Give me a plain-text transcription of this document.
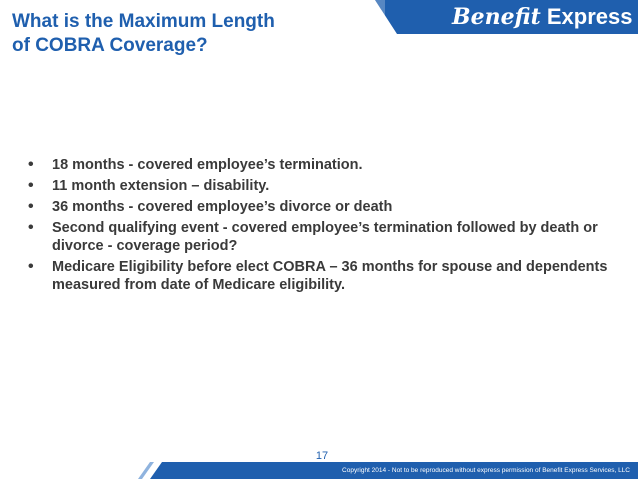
Benefit Express
What is the Maximum Length
of COBRA Coverage?
• 18 months - covered employee’s termination.
• 11 month extension – disability.
• 36 months - covered employee’s divorce or death
• Second qualifying event - covered employee’s termination followed by death or divorce - coverage period?
• Medicare Eligibility before elect COBRA – 36 months for spouse and dependents measured from date of Medicare eligibility.
17
Copyright 2014 - Not to be reproduced without express permission of Benefit Express Services, LLC
